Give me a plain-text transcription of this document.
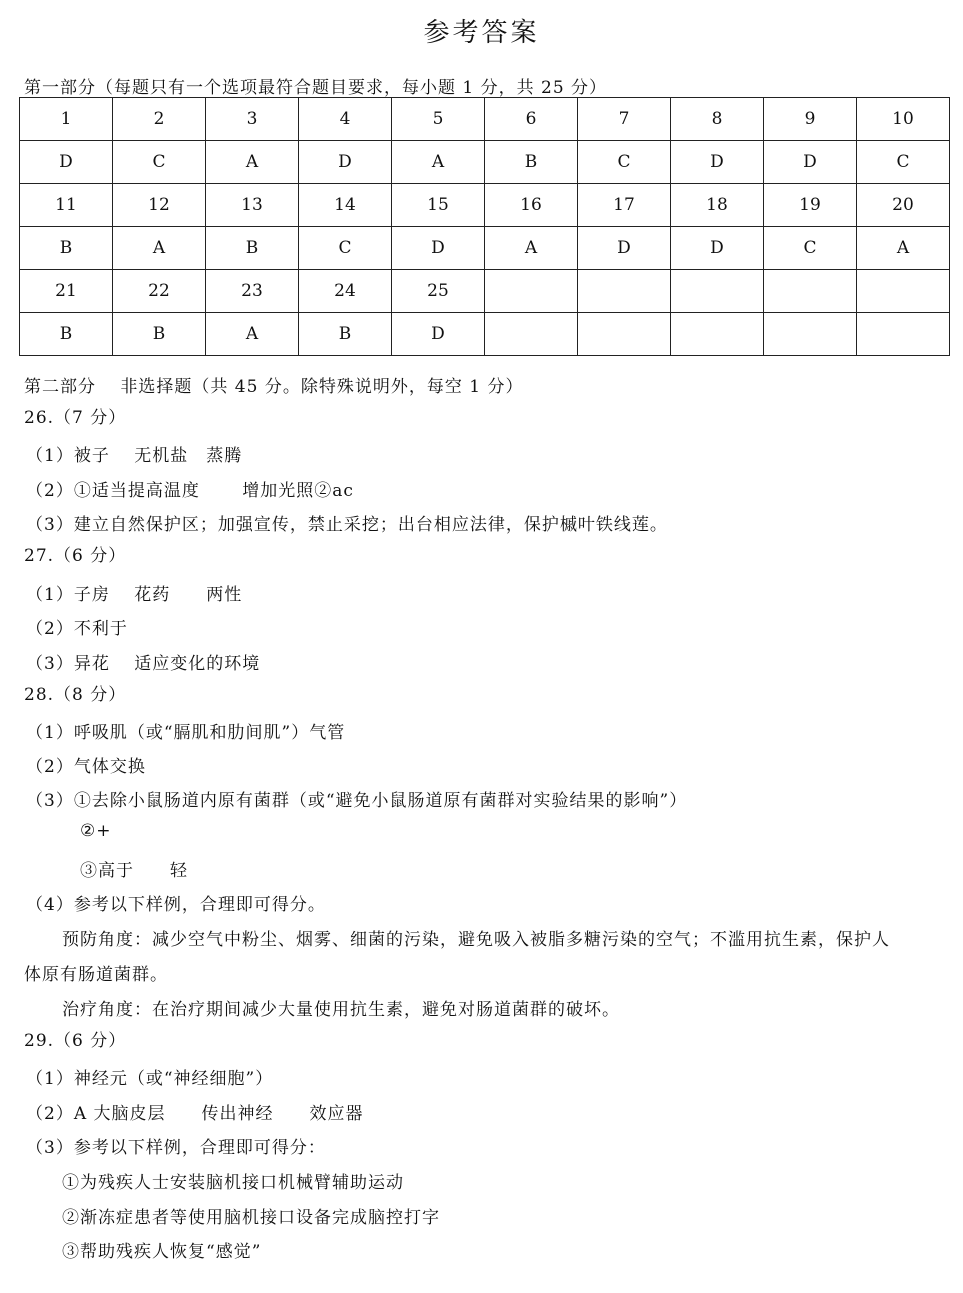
参考答案
第一部分（每题只有一个选项最符合题目要求，每小题 1 分，共 25 分）
1	2	3	4	5	6	7	8	9	10
D	C	A	D	A	B	C	D	D	C
11	12	13	14	15	16	17	18	19	20
B	A	B	C	D	A	D	D	C	A
21	22	23	24	25					
B	B	A	B	D					
第二部分　 非选择题（共 45 分。除特殊说明外，每空 1 分）
26.（7 分）
（1）被子　 无机盐　蒸腾
（2）①适当提高温度　　 增加光照②ac
（3）建立自然保护区；加强宣传，禁止采挖；出台相应法律，保护槭叶铁线莲。
27.（6 分）
（1）子房　 花药　　两性
（2）不利于
（3）异花　 适应变化的环境
28.（8 分）
（1）呼吸肌（或“膈肌和肋间肌”）气管
（2）气体交换
（3）①去除小鼠肠道内原有菌群（或“避免小鼠肠道原有菌群对实验结果的影响”）
②+
③高于　　轻
（4）参考以下样例，合理即可得分。
预防角度：减少空气中粉尘、烟雾、细菌的污染，避免吸入被脂多糖污染的空气；不滥用抗生素，保护人
体原有肠道菌群。
治疗角度：在治疗期间减少大量使用抗生素，避免对肠道菌群的破坏。
29.（6 分）
（1）神经元（或“神经细胞”）
（2）A 大脑皮层　　传出神经　　效应器
（3）参考以下样例，合理即可得分：
①为残疾人士安装脑机接口机械臂辅助运动
②渐冻症患者等使用脑机接口设备完成脑控打字
③帮助残疾人恢复“感觉”
